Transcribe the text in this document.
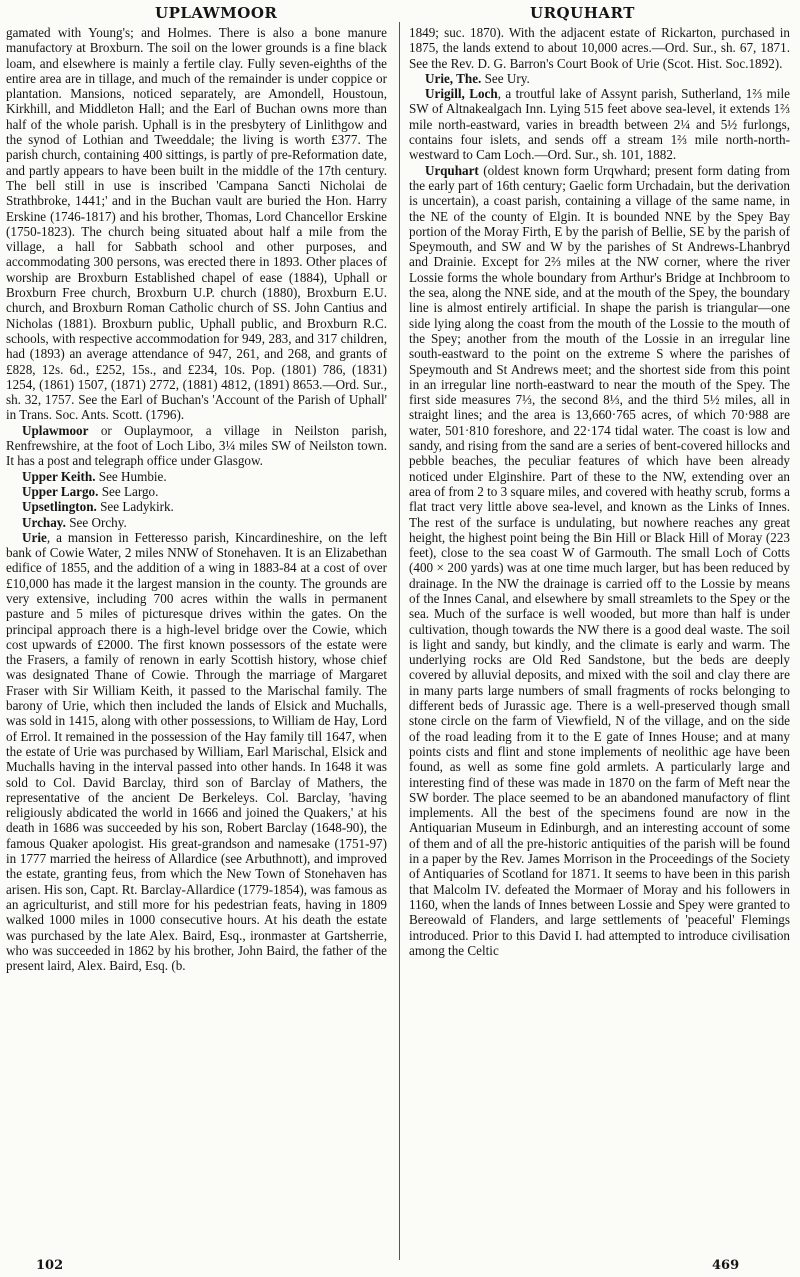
UPLAWMOOR	URQUHART

gamated with Young's; and Holmes. There is also a bone manure manufactory at Broxburn. The soil on the lower grounds is a fine black loam, and elsewhere is mainly a fertile clay. Fully seven-eighths of the entire area are in tillage, and much of the remainder is under coppice or plantation. Mansions, noticed separately, are Amondell, Houstoun, Kirkhill, and Middleton Hall; and the Earl of Buchan owns more than half of the whole parish. Uphall is in the presbytery of Linlithgow and the synod of Lothian and Tweeddale; the living is worth £377. The parish church, containing 400 sittings, is partly of pre-Reformation date, and partly appears to have been built in the middle of the 17th century. The bell still in use is inscribed 'Campana Sancti Nicholai de Strathbroke, 1441;' and in the Buchan vault are buried the Hon. Harry Erskine (1746-1817) and his brother, Thomas, Lord Chancellor Erskine (1750-1823). The church being situated about half a mile from the village, a hall for Sabbath school and other purposes, and accommodating 300 persons, was erected there in 1893. Other places of worship are Broxburn Established chapel of ease (1884), Uphall or Broxburn Free church, Broxburn U.P. church (1880), Broxburn E.U. church, and Broxburn Roman Catholic church of SS. John Cantius and Nicholas (1881). Broxburn public, Uphall public, and Broxburn R.C. schools, with respective accommodation for 949, 283, and 317 children, had (1893) an average attendance of 947, 261, and 268, and grants of £828, 12s. 6d., £252, 15s., and £234, 10s. Pop. (1801) 786, (1831) 1254, (1861) 1507, (1871) 2772, (1881) 4812, (1891) 8653.—Ord. Sur., sh. 32, 1757. See the Earl of Buchan's 'Account of the Parish of Uphall' in Trans. Soc. Ants. Scott. (1796).

Uplawmoor or Ouplaymoor, a village in Neilston parish, Renfrewshire, at the foot of Loch Libo, 3¼ miles SW of Neilston town. It has a post and telegraph office under Glasgow.

Upper Keith. See Humbie.

Upper Largo. See Largo.

Upsetlington. See Ladykirk.

Urchay. See Orchy.

Urie, a mansion in Fetteresso parish, Kincardineshire, on the left bank of Cowie Water, 2 miles NNW of Stonehaven. It is an Elizabethan edifice of 1855, and the addition of a wing in 1883-84 at a cost of over £10,000 has made it the largest mansion in the county. The grounds are very extensive, including 700 acres within the walls in permanent pasture and 5 miles of picturesque drives within the gates. On the principal approach there is a high-level bridge over the Cowie, which cost upwards of £2000. The first known possessors of the estate were the Frasers, a family of renown in early Scottish history, whose chief was designated Thane of Cowie. Through the marriage of Margaret Fraser with Sir William Keith, it passed to the Marischal family. The barony of Urie, which then included the lands of Elsick and Muchalls, was sold in 1415, along with other possessions, to William de Hay, Lord of Errol. It remained in the possession of the Hay family till 1647, when the estate of Urie was purchased by William, Earl Marischal, Elsick and Muchalls having in the interval passed into other hands. In 1648 it was sold to Col. David Barclay, third son of Barclay of Mathers, the representative of the ancient De Berkeleys. Col. Barclay, 'having religiously abdicated the world in 1666 and joined the Quakers,' at his death in 1686 was succeeded by his son, Robert Barclay (1648-90), the famous Quaker apologist. His great-grandson and namesake (1751-97) in 1777 married the heiress of Allardice (see Arbuthnott), and improved the estate, granting feus, from which the New Town of Stonehaven has arisen. His son, Capt. Rt. Barclay-Allardice (1779-1854), was famous as an agriculturist, and still more for his pedestrian feats, having in 1809 walked 1000 miles in 1000 consecutive hours. At his death the estate was purchased by the late Alex. Baird, Esq., ironmaster at Gartsherrie, who was succeeded in 1862 by his brother, John Baird, the father of the present laird, Alex. Baird, Esq. (b.

1849; suc. 1870). With the adjacent estate of Rickarton, purchased in 1875, the lands extend to about 10,000 acres.—Ord. Sur., sh. 67, 1871. See the Rev. D. G. Barron's Court Book of Urie (Scot. Hist. Soc.1892).

Urie, The. See Ury.

Urigill, Loch, a troutful lake of Assynt parish, Sutherland, 1⅔ mile SW of Altnakealgach Inn. Lying 515 feet above sea-level, it extends 1⅔ mile north-eastward, varies in breadth between 2¼ and 5½ furlongs, contains four islets, and sends off a stream 1⅔ mile north-north-westward to Cam Loch.—Ord. Sur., sh. 101, 1882.

Urquhart (oldest known form Urqwhard; present form dating from the early part of 16th century; Gaelic form Urchadain, but the derivation is uncertain), a coast parish, containing a village of the same name, in the NE of the county of Elgin. It is bounded NNE by the Spey Bay portion of the Moray Firth, E by the parish of Bellie, SE by the parish of Speymouth, and SW and W by the parishes of St Andrews-Lhanbryd and Drainie. Except for 2⅔ miles at the NW corner, where the river Lossie forms the whole boundary from Arthur's Bridge at Inchbroom to the sea, along the NNE side, and at the mouth of the Spey, the boundary line is almost entirely artificial. In shape the parish is triangular—one side lying along the coast from the mouth of the Lossie to the mouth of the Spey; another from the mouth of the Lossie in an irregular line south-eastward to the point on the extreme S where the parishes of Speymouth and St Andrews meet; and the shortest side from this point in an irregular line north-eastward to near the mouth of the Spey. The first side measures 7⅓, the second 8⅓, and the third 5½ miles, all in straight lines; and the area is 13,660·765 acres, of which 70·988 are water, 501·810 foreshore, and 22·174 tidal water. The coast is low and sandy, and rising from the sand are a series of bent-covered hillocks and pebble beaches, the peculiar features of which have been already noticed under Elginshire. Part of these to the NW, extending over an area of from 2 to 3 square miles, and covered with heathy scrub, forms a flat tract very little above sea-level, and known as the Links of Innes. The rest of the surface is undulating, but nowhere reaches any great height, the highest point being the Bin Hill or Black Hill of Moray (223 feet), close to the sea coast W of Garmouth. The small Loch of Cotts (400 × 200 yards) was at one time much larger, but has been reduced by drainage. In the NW the drainage is carried off to the Lossie by means of the Innes Canal, and elsewhere by small streamlets to the Spey or the sea. Much of the surface is well wooded, but more than half is under cultivation, though towards the NW there is a good deal waste. The soil is light and sandy, but kindly, and the climate is early and warm. The underlying rocks are Old Red Sandstone, but the beds are deeply covered by alluvial deposits, and mixed with the soil and clay there are in many parts large numbers of small fragments of rocks belonging to different beds of Jurassic age. There is a well-preserved though small stone circle on the farm of Viewfield, N of the village, and on the side of the road leading from it to the E gate of Innes House; and at many points cists and flint and stone implements of neolithic age have been found, as well as some fine gold armlets. A particularly large and interesting find of these was made in 1870 on the farm of Meft near the SW border. The place seemed to be an abandoned manufactory of flint implements. All the best of the specimens found are now in the Antiquarian Museum in Edinburgh, and an interesting account of some of them and of all the pre-historic antiquities of the parish will be found in a paper by the Rev. James Morrison in the Proceedings of the Society of Antiquaries of Scotland for 1871. It seems to have been in this parish that Malcolm IV. defeated the Mormaer of Moray and his followers in 1160, when the lands of Innes between Lossie and Spey were granted to Bereowald of Flanders, and large settlements of 'peaceful' Flemings introduced. Prior to this David I. had attempted to introduce civilisation among the Celtic

102	469
